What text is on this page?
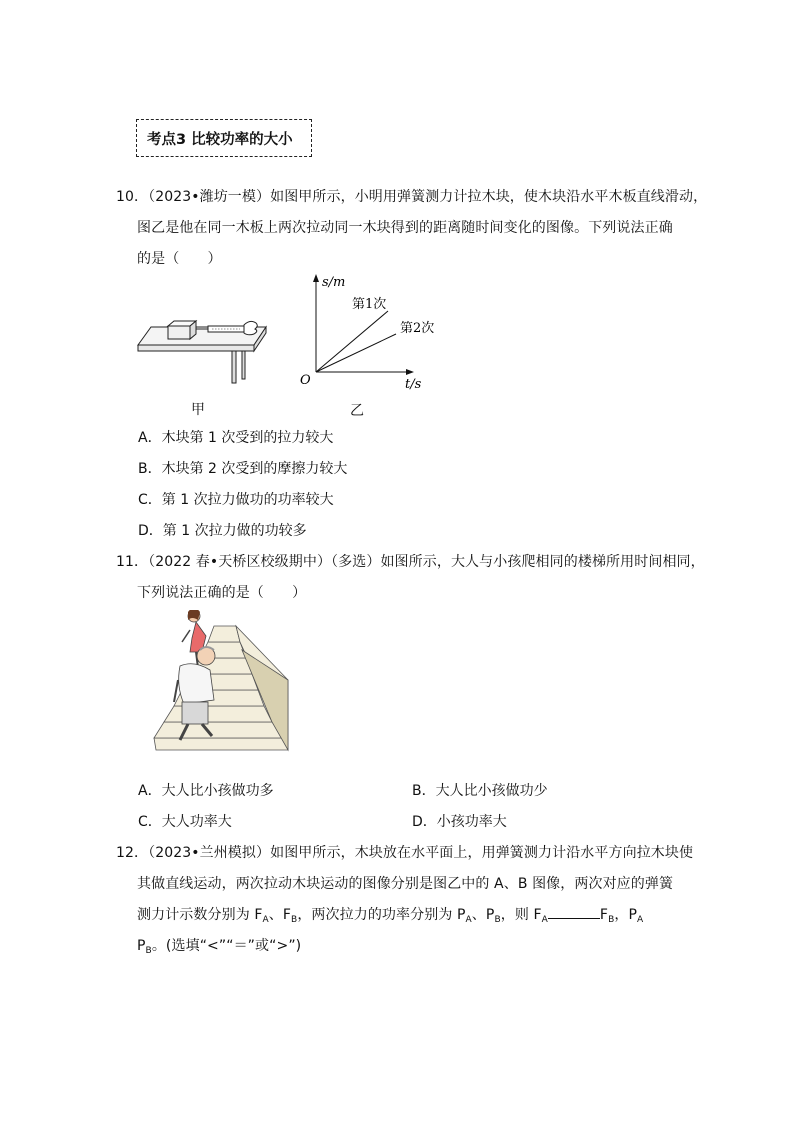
考点3 比较功率的大小
10．（2023•潍坊一模）如图甲所示，小明用弹簧测力计拉木块，使木块沿水平木板直线滑动，
图乙是他在同一木板上两次拉动同一木块得到的距离随时间变化的图像。下列说法正确
的是（　　）
甲
s/m
t/s
O
第1次
第2次
乙
A．木块第 1 次受到的拉力较大
B．木块第 2 次受到的摩擦力较大
C．第 1 次拉力做功的功率较大
D．第 1 次拉力做的功较多
11．（2022 春•天桥区校级期中）（多选）如图所示，大人与小孩爬相同的楼梯所用时间相同，
下列说法正确的是（　　）
A．大人比小孩做功多	B．大人比小孩做功少
C．大人功率大	D．小孩功率大
12．（2023•兰州模拟）如图甲所示，木块放在水平面上，用弹簧测力计沿水平方向拉木块使
其做直线运动，两次拉动木块运动的图像分别是图乙中的 A、B 图像，两次对应的弹簧
测力计示数分别为 $F_A$、$F_B$，两次拉力的功率分别为 $P_A$、$P_B$，则 $F_A$	$F_B$，$P_A$
$P_B$。(选填“<”“＝”或“>”)
